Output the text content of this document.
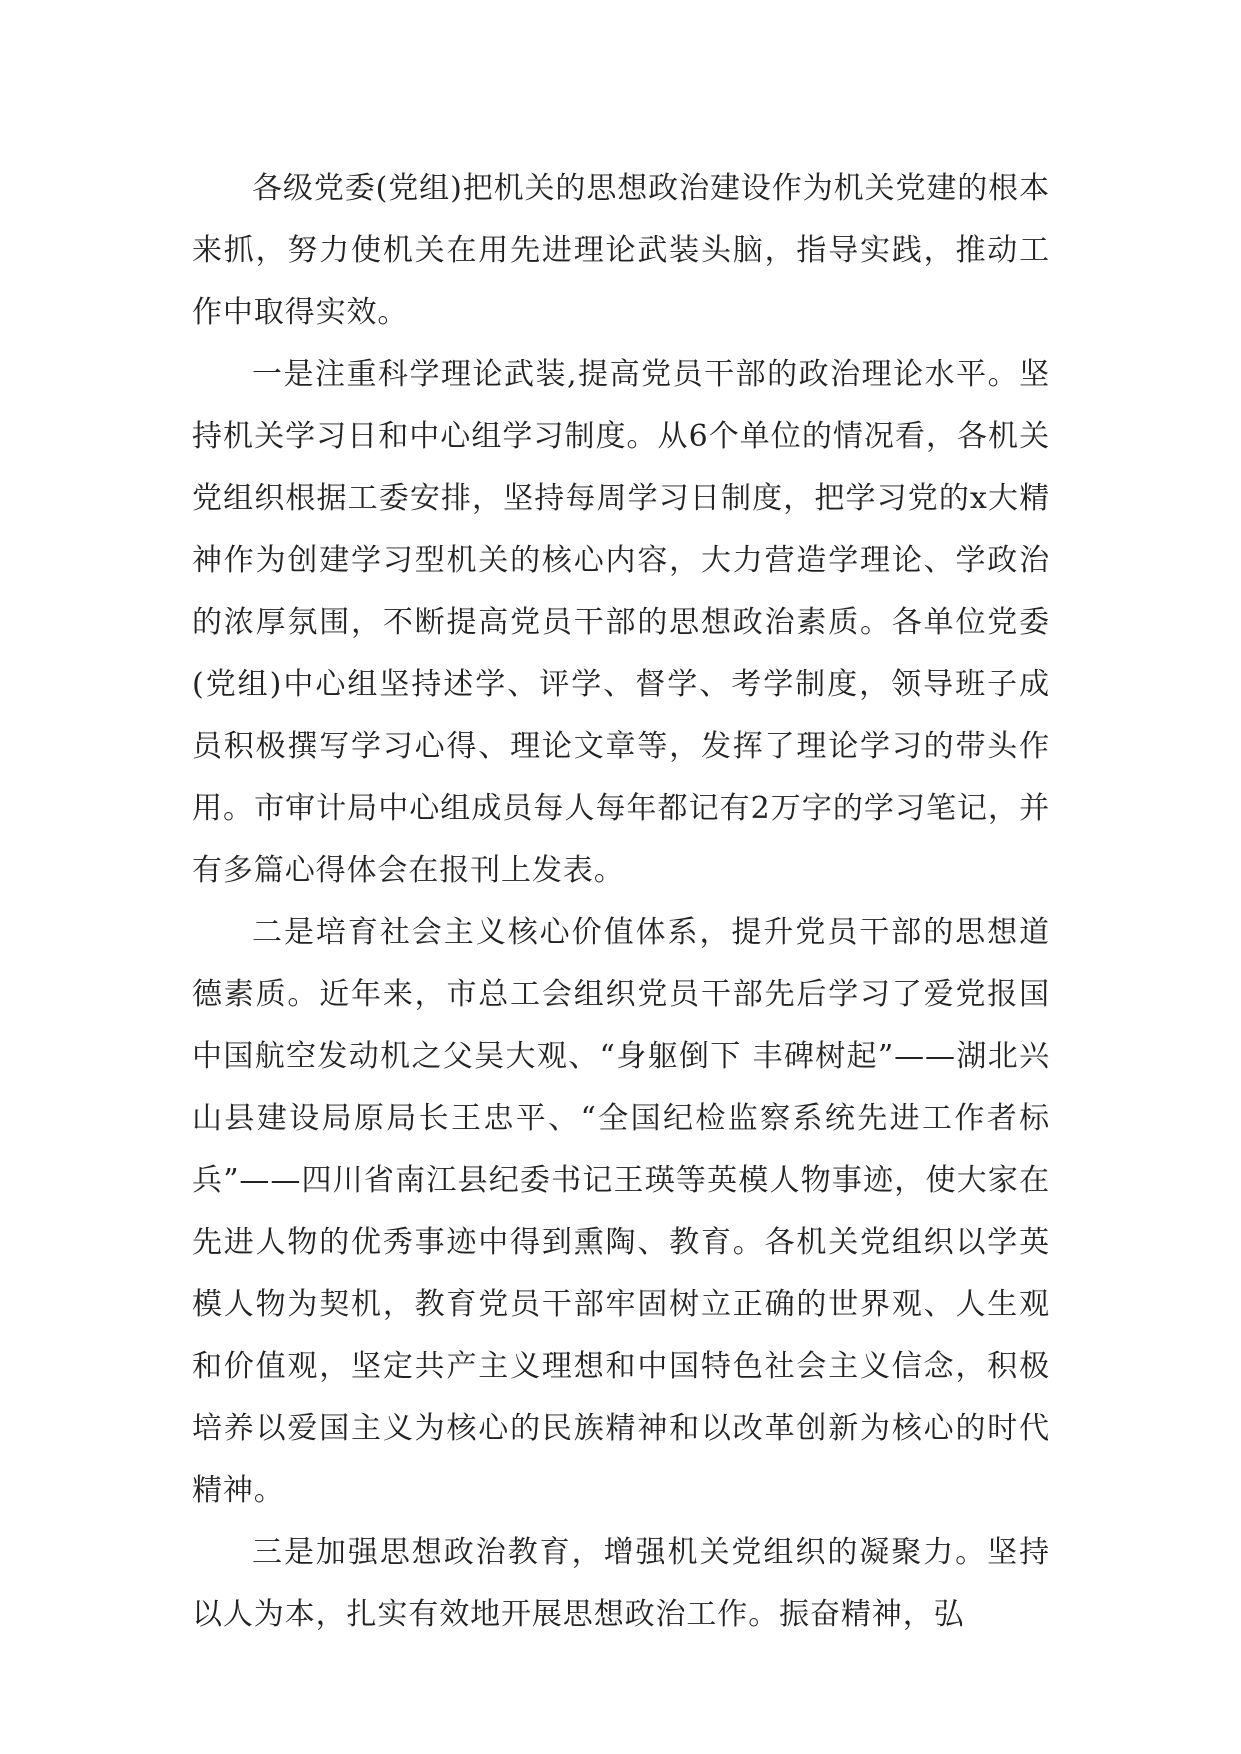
各级党委(党组)把机关的思想政治建设作为机关党建的根本来抓，努力使机关在用先进理论武装头脑，指导实践，推动工作中取得实效。

一是注重科学理论武装,提高党员干部的政治理论水平。坚持机关学习日和中心组学习制度。从6个单位的情况看，各机关党组织根据工委安排，坚持每周学习日制度，把学习党的x大精神作为创建学习型机关的核心内容，大力营造学理论、学政治的浓厚氛围，不断提高党员干部的思想政治素质。各单位党委(党组)中心组坚持述学、评学、督学、考学制度，领导班子成员积极撰写学习心得、理论文章等，发挥了理论学习的带头作用。市审计局中心组成员每人每年都记有2万字的学习笔记，并有多篇心得体会在报刊上发表。

二是培育社会主义核心价值体系，提升党员干部的思想道德素质。近年来，市总工会组织党员干部先后学习了爱党报国中国航空发动机之父吴大观、“身躯倒下 丰碑树起”——湖北兴山县建设局原局长王忠平、“全国纪检监察系统先进工作者标兵”——四川省南江县纪委书记王瑛等英模人物事迹，使大家在先进人物的优秀事迹中得到熏陶、教育。各机关党组织以学英模人物为契机，教育党员干部牢固树立正确的世界观、人生观和价值观，坚定共产主义理想和中国特色社会主义信念，积极培养以爱国主义为核心的民族精神和以改革创新为核心的时代精神。

三是加强思想政治教育，增强机关党组织的凝聚力。坚持以人为本，扎实有效地开展思想政治工作。振奋精神，弘
